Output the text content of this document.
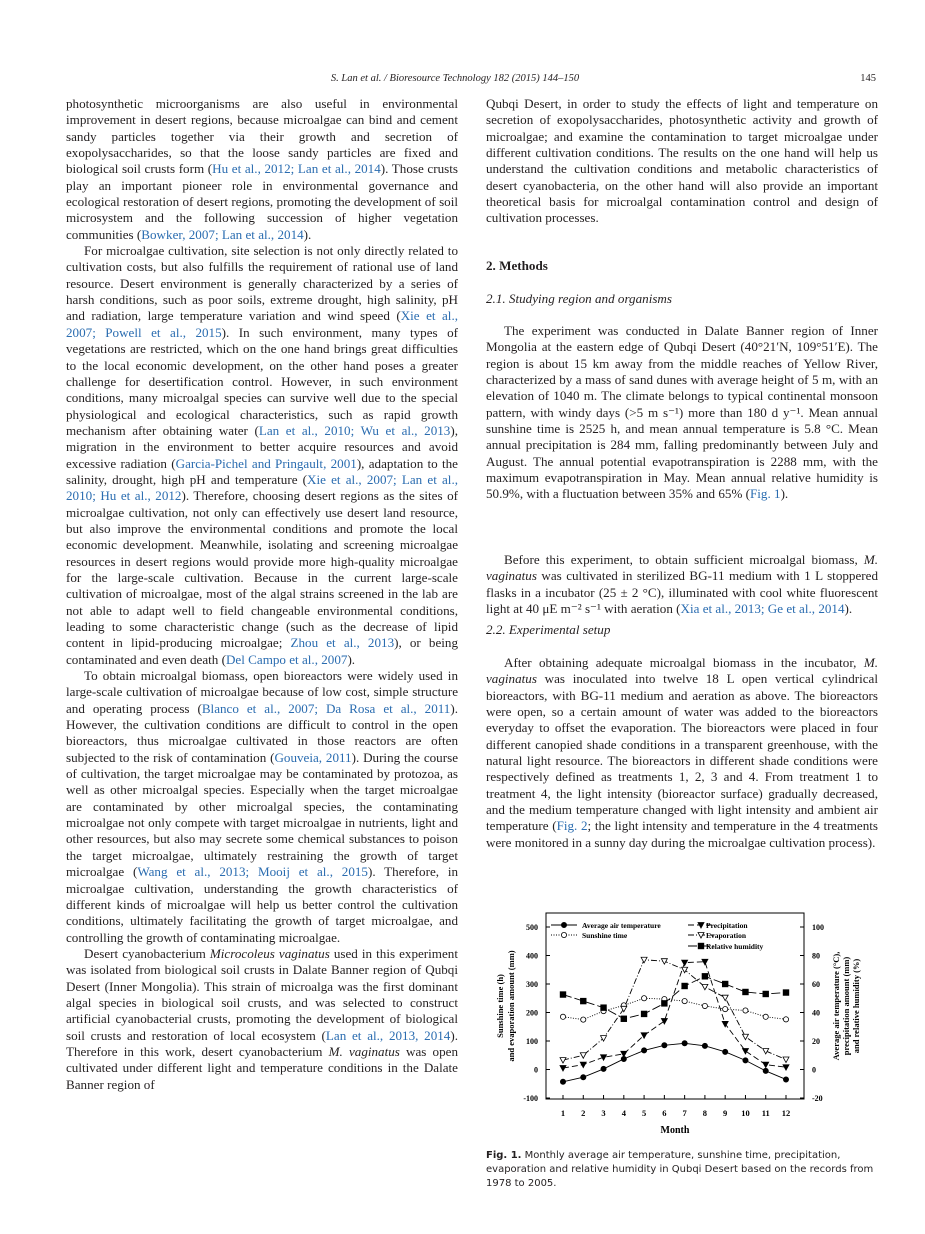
S. Lan et al. / Bioresource Technology 182 (2015) 144–150	145

photosynthetic microorganisms are also useful in environmental improvement in desert regions, because microalgae can bind and cement sandy particles together via their growth and secretion of exopolysaccharides, so that the loose sandy particles are fixed and biological soil crusts form (Hu et al., 2012; Lan et al., 2014). Those crusts play an important pioneer role in environmental governance and ecological restoration of desert regions, promoting the development of soil microsystem and the following succession of higher vegetation communities (Bowker, 2007; Lan et al., 2014).

For microalgae cultivation, site selection is not only directly related to cultivation costs, but also fulfills the requirement of rational use of land resource. Desert environment is generally characterized by a series of harsh conditions, such as poor soils, extreme drought, high salinity, pH and radiation, large temperature variation and wind speed (Xie et al., 2007; Powell et al., 2015). In such environment, many types of vegetations are restricted, which on the one hand brings great difficulties to the local economic development, on the other hand poses a greater challenge for desertification control. However, in such environment conditions, many microalgal species can survive well due to the special physiological and ecological characteristics, such as rapid growth mechanism after obtaining water (Lan et al., 2010; Wu et al., 2013), migration in the environment to better acquire resources and avoid excessive radiation (Garcia-Pichel and Pringault, 2001), adaptation to the salinity, drought, high pH and temperature (Xie et al., 2007; Lan et al., 2010; Hu et al., 2012). Therefore, choosing desert regions as the sites of microalgae cultivation, not only can effectively use desert land resource, but also improve the environmental conditions and promote the local economic development. Meanwhile, isolating and screening microalgae resources in desert regions would provide more high-quality microalgae for the large-scale cultivation. Because in the current large-scale cultivation of microalgae, most of the algal strains screened in the lab are not able to adapt well to field changeable environmental conditions, leading to some characteristic change (such as the decrease of lipid content in lipid-producing microalgae; Zhou et al., 2013), or being contaminated and even death (Del Campo et al., 2007).

To obtain microalgal biomass, open bioreactors were widely used in large-scale cultivation of microalgae because of low cost, simple structure and operating process (Blanco et al., 2007; Da Rosa et al., 2011). However, the cultivation conditions are difficult to control in the open bioreactors, thus microalgae cultivated in those reactors are often subjected to the risk of contamination (Gouveia, 2011). During the course of cultivation, the target microalgae may be contaminated by protozoa, as well as other microalgal species. Especially when the target microalgae are contaminated by other microalgal species, the contaminating microalgae not only compete with target microalgae in nutrients, light and other resources, but also may secrete some chemical substances to poison the target microalgae, ultimately restraining the growth of target microalgae (Wang et al., 2013; Mooij et al., 2015). Therefore, in microalgae cultivation, understanding the growth characteristics of different kinds of microalgae will help us better control the cultivation conditions, ultimately facilitating the growth of target microalgae, and controlling the growth of contaminating microalgae.

Desert cyanobacterium Microcoleus vaginatus used in this experiment was isolated from biological soil crusts in Dalate Banner region of Qubqi Desert (Inner Mongolia). This strain of microalga was the first dominant algal species in biological soil crusts, and was selected to construct artificial cyanobacterial crusts, promoting the development of biological soil crusts and restoration of local ecosystem (Lan et al., 2013, 2014). Therefore in this work, desert cyanobacterium M. vaginatus was open cultivated under different light and temperature conditions in the Dalate Banner region of

Qubqi Desert, in order to study the effects of light and temperature on secretion of exopolysaccharides, photosynthetic activity and growth of microalgae; and examine the contamination to target microalgae under different cultivation conditions. The results on the one hand will help us understand the cultivation conditions and metabolic characteristics of desert cyanobacteria, on the other hand will also provide an important theoretical basis for microalgal contamination control and design of cultivation processes.

2. Methods
2.1. Studying region and organisms

The experiment was conducted in Dalate Banner region of Inner Mongolia at the eastern edge of Qubqi Desert (40°21′N, 109°51′E). The region is about 15 km away from the middle reaches of Yellow River, characterized by a mass of sand dunes with average height of 5 m, with an elevation of 1040 m. The climate belongs to typical continental monsoon pattern, with windy days (>5 m s⁻¹) more than 180 d y⁻¹. Mean annual sunshine time is 2525 h, and mean annual temperature is 5.8 °C. Mean annual precipitation is 284 mm, falling predominantly between July and August. The annual potential evapotranspiration is 2288 mm, with the maximum evapotranspiration in May. Mean annual relative humidity is 50.9%, with a fluctuation between 35% and 65% (Fig. 1).

Before this experiment, to obtain sufficient microalgal biomass, M. vaginatus was cultivated in sterilized BG-11 medium with 1 L stoppered flasks in a incubator (25 ± 2 °C), illuminated with cool white fluorescent light at 40 μE m⁻² s⁻¹ with aeration (Xia et al., 2013; Ge et al., 2014).

2.2. Experimental setup

After obtaining adequate microalgal biomass in the incubator, M. vaginatus was inoculated into twelve 18 L open vertical cylindrical bioreactors, with BG-11 medium and aeration as above. The bioreactors were open, so a certain amount of water was added to the bioreactors everyday to offset the evaporation. The bioreactors were placed in four different canopied shade conditions in a transparent greenhouse, with the natural light resource. The bioreactors in different shade conditions were respectively defined as treatments 1, 2, 3 and 4. From treatment 1 to treatment 4, the light intensity (bioreactor surface) gradually decreased, and the medium temperature changed with light intensity and ambient air temperature (Fig. 2; the light intensity and temperature in the 4 treatments were monitored in a sunny day during the microalgae cultivation process).

-100
0
100
200
300
400
500
-20
0
20
40
60
80
100
1 2 3 4 5 6 7 8 9 10 11 12
Month
Sunshine time (h)and evaporation amount (mm)	Average air temperature (°C), precipitation amount (mm) and relative humidity (%)
Average air temperature
Sunshine time
Precipitation
Evaporation
Relative humidity
Fig. 1. Monthly average air temperature, sunshine time, precipitation, evaporation and relative humidity in Qubqi Desert based on the records from 1978 to 2005.
